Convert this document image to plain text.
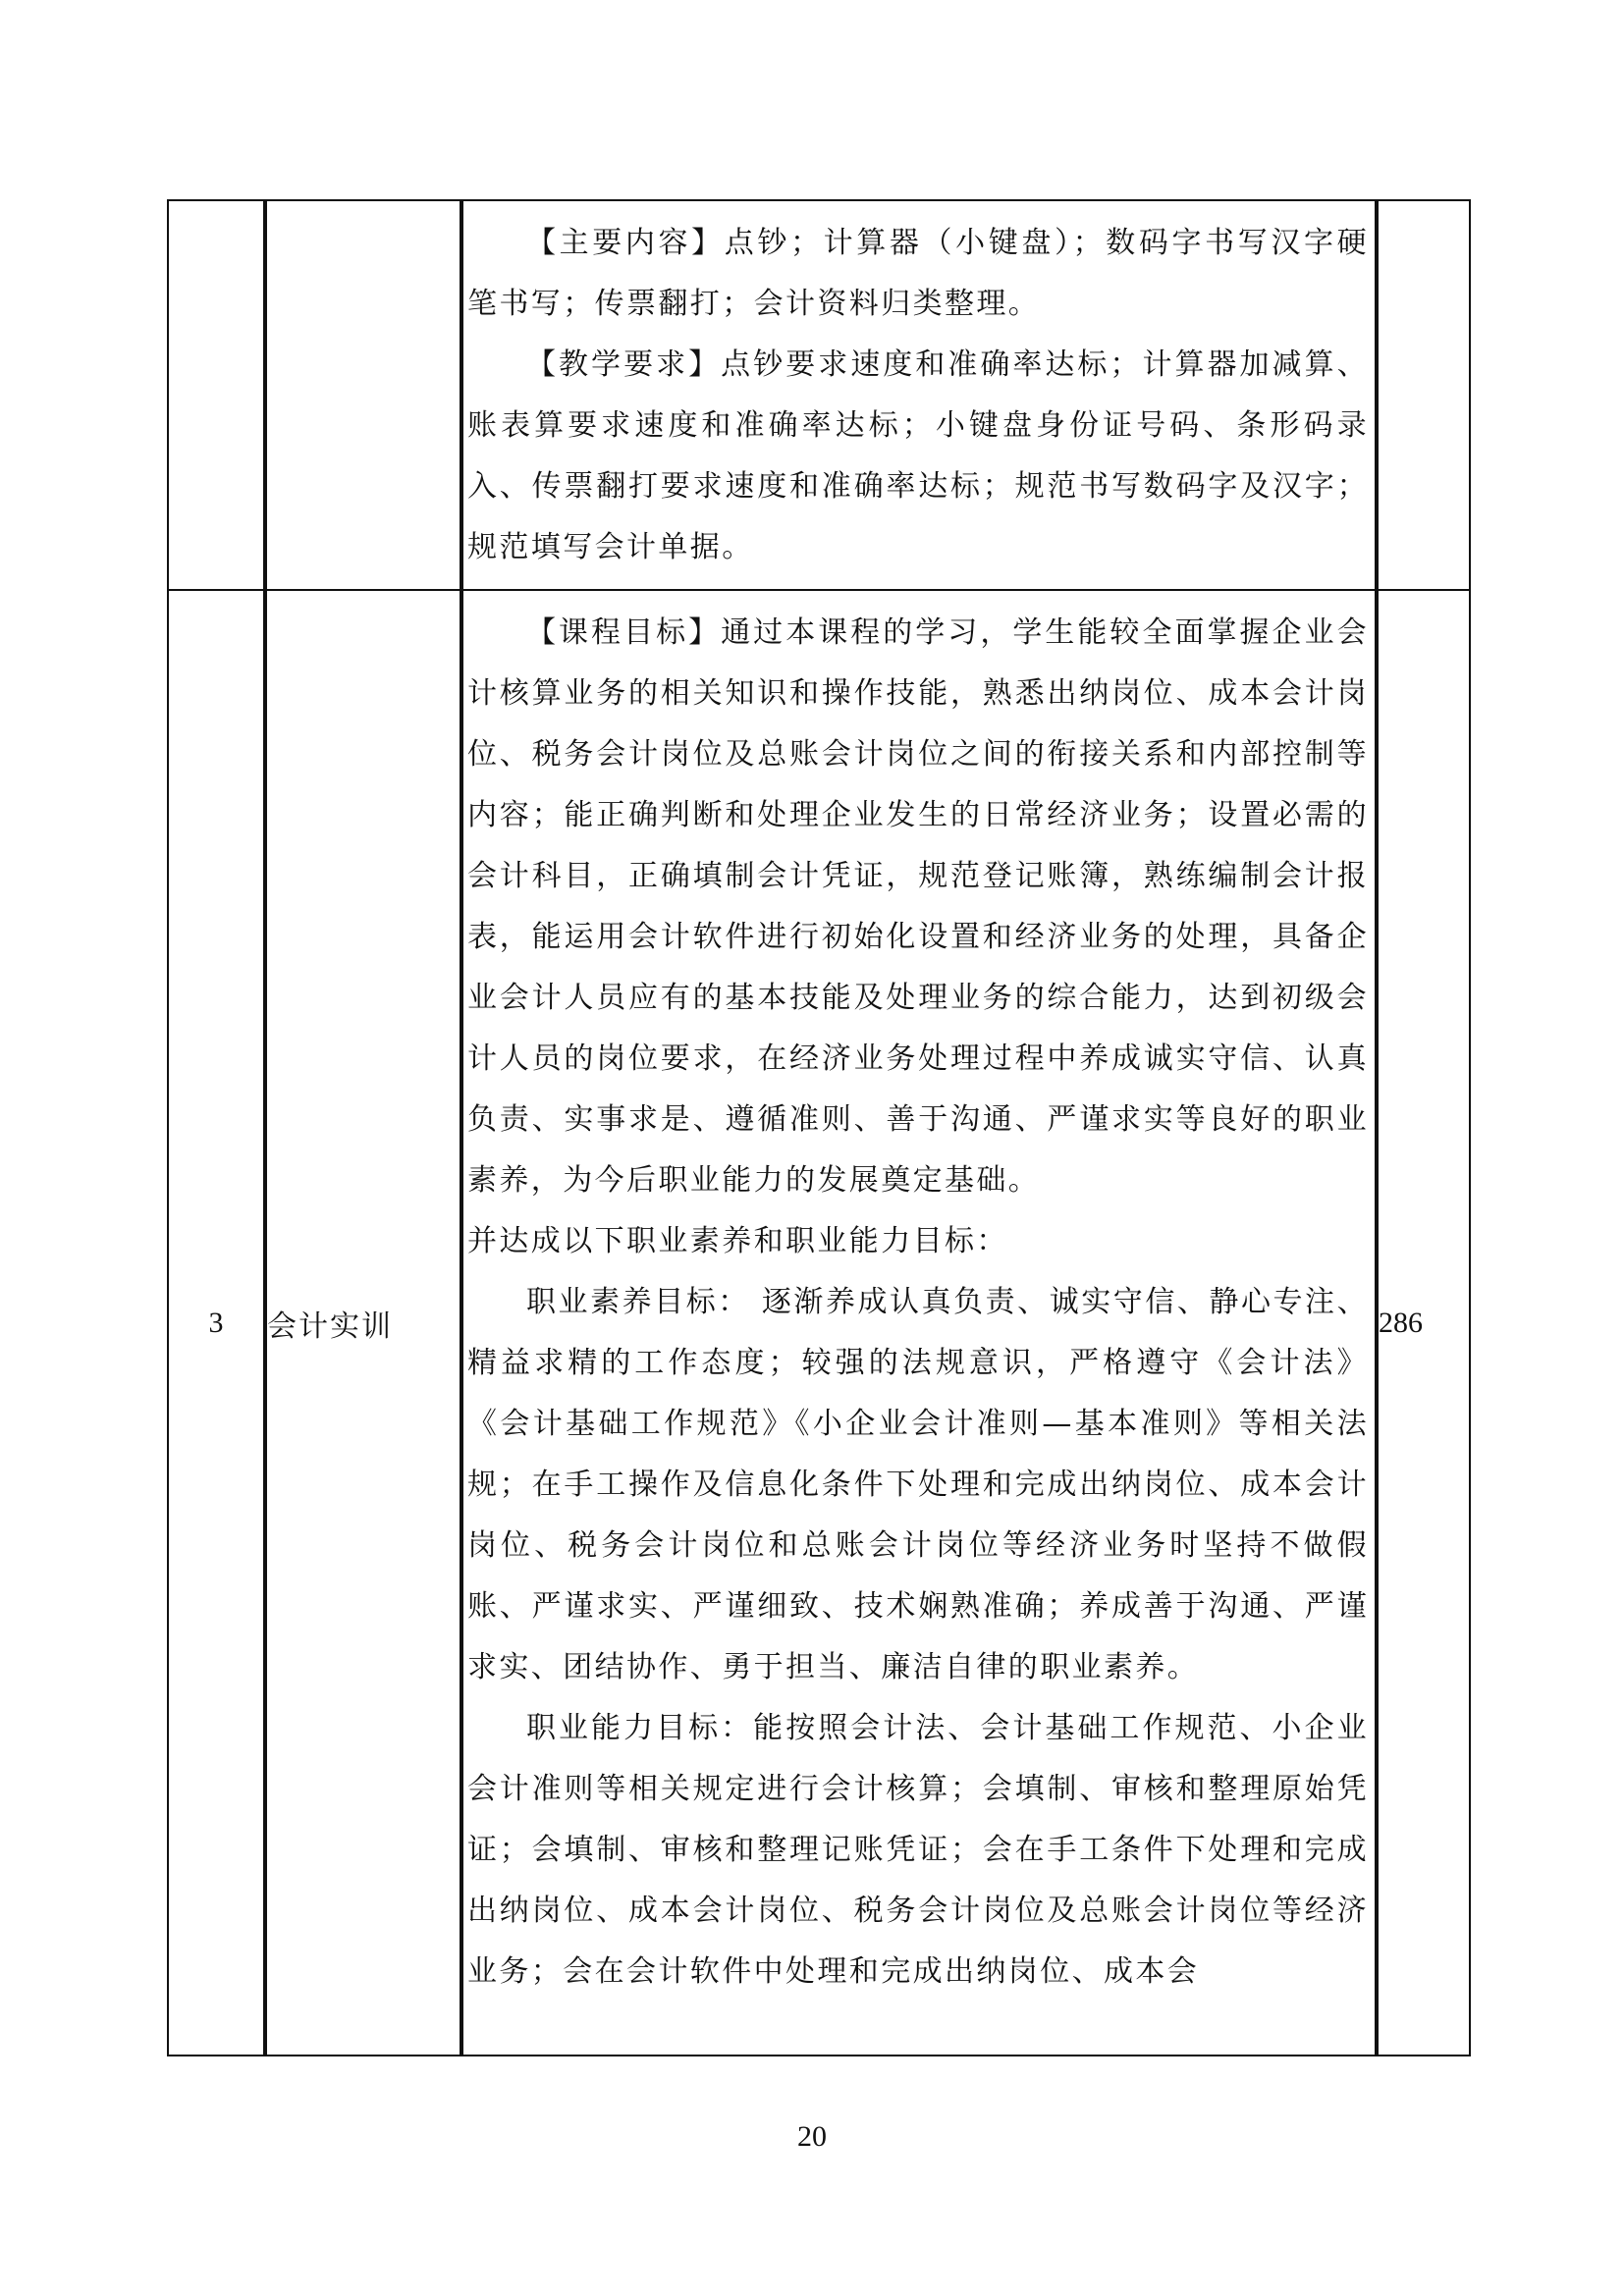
		【主要内容】点钞；计算器（小键盘）；数码字书写汉字硬笔书写；传票翻打；会计资料归类整理。

【教学要求】点钞要求速度和准确率达标；计算器加减算、账表算要求速度和准确率达标；小键盘身份证号码、条形码录入、传票翻打要求速度和准确率达标；规范书写数码字及汉字；规范填写会计单据。	

3	会计实训	【课程目标】通过本课程的学习，学生能较全面掌握企业会计核算业务的相关知识和操作技能，熟悉出纳岗位、成本会计岗位、税务会计岗位及总账会计岗位之间的衔接关系和内部控制等内容；能正确判断和处理企业发生的日常经济业务；设置必需的会计科目，正确填制会计凭证，规范登记账簿，熟练编制会计报表，能运用会计软件进行初始化设置和经济业务的处理，具备企业会计人员应有的基本技能及处理业务的综合能力，达到初级会计人员的岗位要求，在经济业务处理过程中养成诚实守信、认真负责、实事求是、遵循准则、善于沟通、严谨求实等良好的职业素养，为今后职业能力的发展奠定基础。

并达成以下职业素养和职业能力目标：

职业素养目标： 逐渐养成认真负责、诚实守信、静心专注、精益求精的工作态度；较强的法规意识，严格遵守《会计法》《会计基础工作规范》《小企业会计准则—基本准则》等相关法规；在手工操作及信息化条件下处理和完成出纳岗位、成本会计岗位、税务会计岗位和总账会计岗位等经济业务时坚持不做假账、严谨求实、严谨细致、技术娴熟准确；养成善于沟通、严谨求实、团结协作、勇于担当、廉洁自律的职业素养。

职业能力目标：能按照会计法、会计基础工作规范、小企业会计准则等相关规定进行会计核算；会填制、审核和整理原始凭证；会填制、审核和整理记账凭证；会在手工条件下处理和完成出纳岗位、成本会计岗位、税务会计岗位及总账会计岗位等经济业务；会在会计软件中处理和完成出纳岗位、成本会	286
20
